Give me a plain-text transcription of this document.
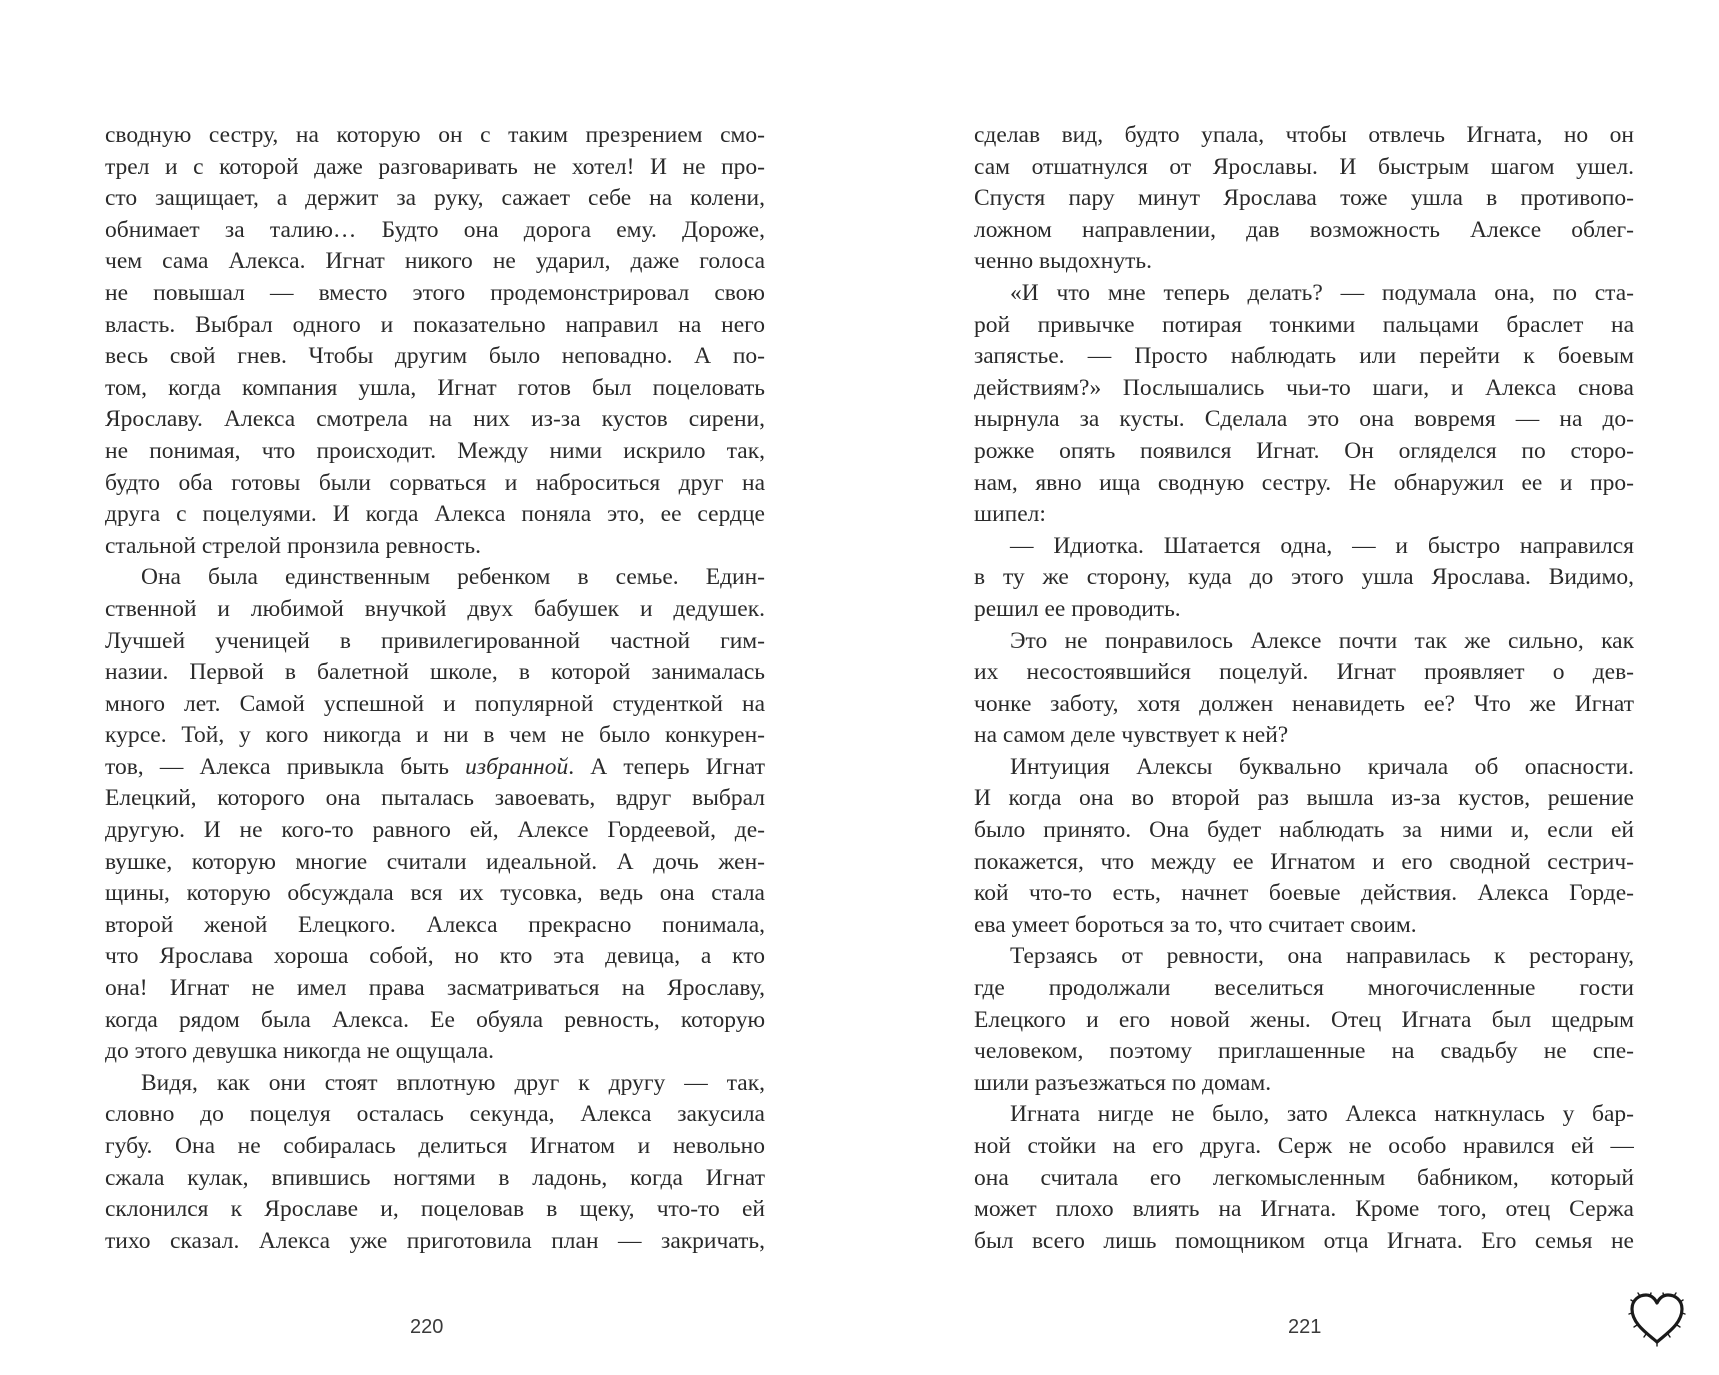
сводную сестру, на которую он с таким презрением смо-
трел и с которой даже разговаривать не хотел! И не про-
сто защищает, а держит за руку, сажает себе на колени,
обнимает за талию… Будто она дорога ему. Дороже,
чем сама Алекса. Игнат никого не ударил, даже голоса
не повышал — вместо этого продемонстрировал свою
власть. Выбрал одного и показательно направил на него
весь свой гнев. Чтобы другим было неповадно. А по-
том, когда компания ушла, Игнат готов был поцеловать
Ярославу. Алекса смотрела на них из-за кустов сирени,
не понимая, что происходит. Между ними искрило так,
будто оба готовы были сорваться и наброситься друг на
друга с поцелуями. И когда Алекса поняла это, ее сердце
стальной стрелой пронзила ревность.
Она была единственным ребенком в семье. Един-
ственной и любимой внучкой двух бабушек и дедушек.
Лучшей ученицей в привилегированной частной гим-
назии. Первой в балетной школе, в которой занималась
много лет. Самой успешной и популярной студенткой на
курсе. Той, у кого никогда и ни в чем не было конкурен-
тов, — Алекса привыкла быть избранной. А теперь Игнат
Елецкий, которого она пыталась завоевать, вдруг выбрал
другую. И не кого-то равного ей, Алексе Гордеевой, де-
вушке, которую многие считали идеальной. А дочь жен-
щины, которую обсуждала вся их тусовка, ведь она стала
второй женой Елецкого. Алекса прекрасно понимала,
что Ярослава хороша собой, но кто эта девица, а кто
она! Игнат не имел права засматриваться на Ярославу,
когда рядом была Алекса. Ее обуяла ревность, которую
до этого девушка никогда не ощущала.
Видя, как они стоят вплотную друг к другу — так,
словно до поцелуя осталась секунда, Алекса закусила
губу. Она не собиралась делиться Игнатом и невольно
сжала кулак, впившись ногтями в ладонь, когда Игнат
склонился к Ярославе и, поцеловав в щеку, что-то ей
тихо сказал. Алекса уже приготовила план — закричать,
220
сделав вид, будто упала, чтобы отвлечь Игната, но он
сам отшатнулся от Ярославы. И быстрым шагом ушел.
Спустя пару минут Ярослава тоже ушла в противопо-
ложном направлении, дав возможность Алексе облег-
ченно выдохнуть.
«И что мне теперь делать? — подумала она, по ста-
рой привычке потирая тонкими пальцами браслет на
запястье. — Просто наблюдать или перейти к боевым
действиям?» Послышались чьи-то шаги, и Алекса снова
нырнула за кусты. Сделала это она вовремя — на до-
рожке опять появился Игнат. Он огляделся по сторо-
нам, явно ища сводную сестру. Не обнаружил ее и про-
шипел:
— Идиотка. Шатается одна, — и быстро направился
в ту же сторону, куда до этого ушла Ярослава. Видимо,
решил ее проводить.
Это не понравилось Алексе почти так же сильно, как
их несостоявшийся поцелуй. Игнат проявляет о дев-
чонке заботу, хотя должен ненавидеть ее? Что же Игнат
на самом деле чувствует к ней?
Интуиция Алексы буквально кричала об опасности.
И когда она во второй раз вышла из-за кустов, решение
было принято. Она будет наблюдать за ними и, если ей
покажется, что между ее Игнатом и его сводной сестрич-
кой что-то есть, начнет боевые действия. Алекса Горде-
ева умеет бороться за то, что считает своим.
Терзаясь от ревности, она направилась к ресторану,
где продолжали веселиться многочисленные гости
Елецкого и его новой жены. Отец Игната был щедрым
человеком, поэтому приглашенные на свадьбу не спе-
шили разъезжаться по домам.
Игната нигде не было, зато Алекса наткнулась у бар-
ной стойки на его друга. Серж не особо нравился ей —
она считала его легкомысленным бабником, который
может плохо влиять на Игната. Кроме того, отец Сержа
был всего лишь помощником отца Игната. Его семья не
221
